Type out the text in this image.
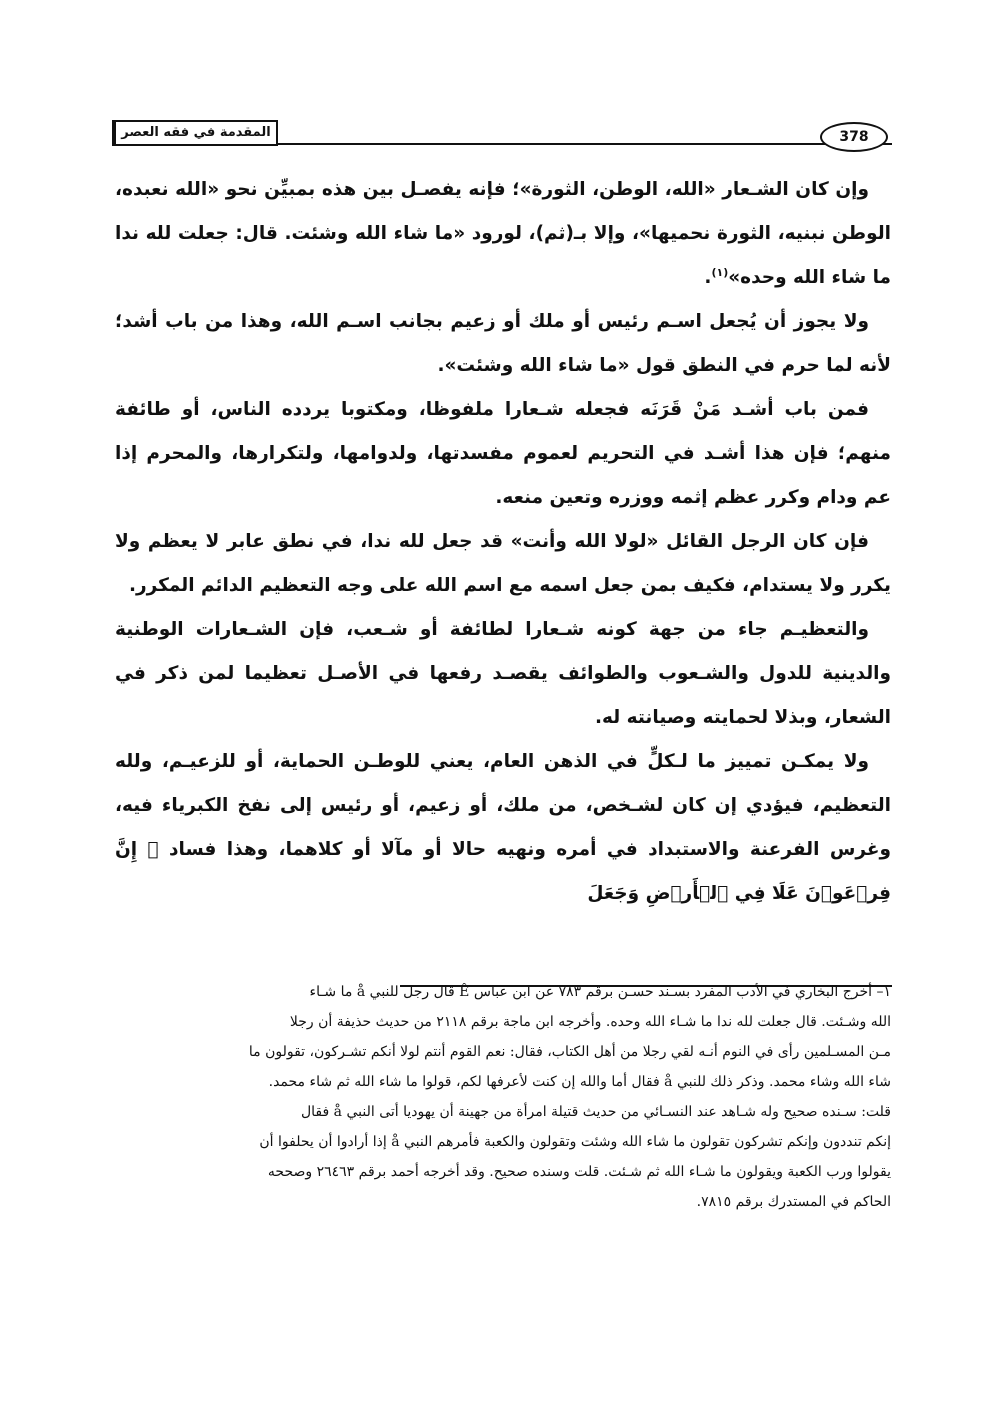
المقدمة في فقه العصر	378

وإن كان الشـعار «الله، الوطن، الثورة»؛ فإنه يفصـل بين هذه بمبيِّن نحو «الله نعبده، الوطن نبنيه، الثورة نحميها»، وإلا بـ(ثم)، لورود «ما شاء الله وشئت. قال: جعلت لله ندا ما شاء الله وحده»$^{(١)}$.

ولا يجوز أن يُجعل اسـم رئيس أو ملك أو زعيم بجانب اسـم الله، وهذا من باب أشد؛ لأنه لما حرم في النطق قول «ما شاء الله وشئت».

فمن باب أشـد مَنْ قَرَنَه فجعله شـعارا ملفوظا، ومكتوبا يردده الناس، أو طائفة منهم؛ فإن هذا أشـد في التحريم لعموم مفسدتها، ولدوامها، ولتكرارها، والمحرم إذا عم ودام وكرر عظم إثمه ووزره وتعين منعه.

فإن كان الرجل القائل «لولا الله وأنت» قد جعل لله ندا، في نطق عابر لا يعظم ولا يكرر ولا يستدام، فكيف بمن جعل اسمه مع اسم الله على وجه التعظيم الدائم المكرر.

والتعظيـم جاء من جهة كونه شـعارا لطائفة أو شـعب، فإن الشـعارات الوطنية والدينية للدول والشـعوب والطوائف يقصـد رفعها في الأصـل تعظيما لمن ذكر في الشعار، وبذلا لحمايته وصيانته له.

ولا يمكـن تمييز ما لـكلٍّ في الذهن العام، يعني للوطـن الحماية، أو للزعيـم، ولله التعظيم، فيؤدي إن كان لشـخص، من ملك، أو زعيم، أو رئيس إلى نفخ الكبرياء فيه، وغرس الفرعنة والاستبداد في أمره ونهيه حالا أو مآلا أو كلاهما، وهذا فساد ﴿ إِنَّ فِرۡعَوۡنَ عَلَا فِي ٱلۡأَرۡضِ وَجَعَلَ

١– أخرج البخاري في الأدب المفرد بسـند حسـن برقم ٧٨٣ عن ابن عباس Ê قال رجل للنبي å ما شـاء

الله وشـئت. قال جعلت لله ندا ما شـاء الله وحده. وأخرجه ابن ماجة برقم ٢١١٨ من حديث حذيفة أن رجلا

مـن المسـلمين رأى في النوم أنـه لقي رجلا من أهل الكتاب، فقال: نعم القوم أنتم لولا أنكم تشـركون، تقولون ما

شاء الله وشاء محمد. وذكر ذلك للنبي å فقال أما والله إن كنت لأعرفها لكم، قولوا ما شاء الله ثم شاء محمد.

قلت: سـنده صحيح وله شـاهد عند النسـائي من حديث قتيلة امرأة من جهينة أن يهوديا أتى النبي å فقال

إنكم تنددون وإنكم تشركون تقولون ما شاء الله وشئت وتقولون والكعبة فأمرهم النبي å إذا أرادوا أن يحلفوا أن

يقولوا ورب الكعبة ويقولون ما شـاء الله ثم شـئت. قلت وسنده صحيح. وقد أخرجه أحمد برقم ٢٦٤٦٣ وصححه

الحاكم في المستدرك برقم ٧٨١٥.
